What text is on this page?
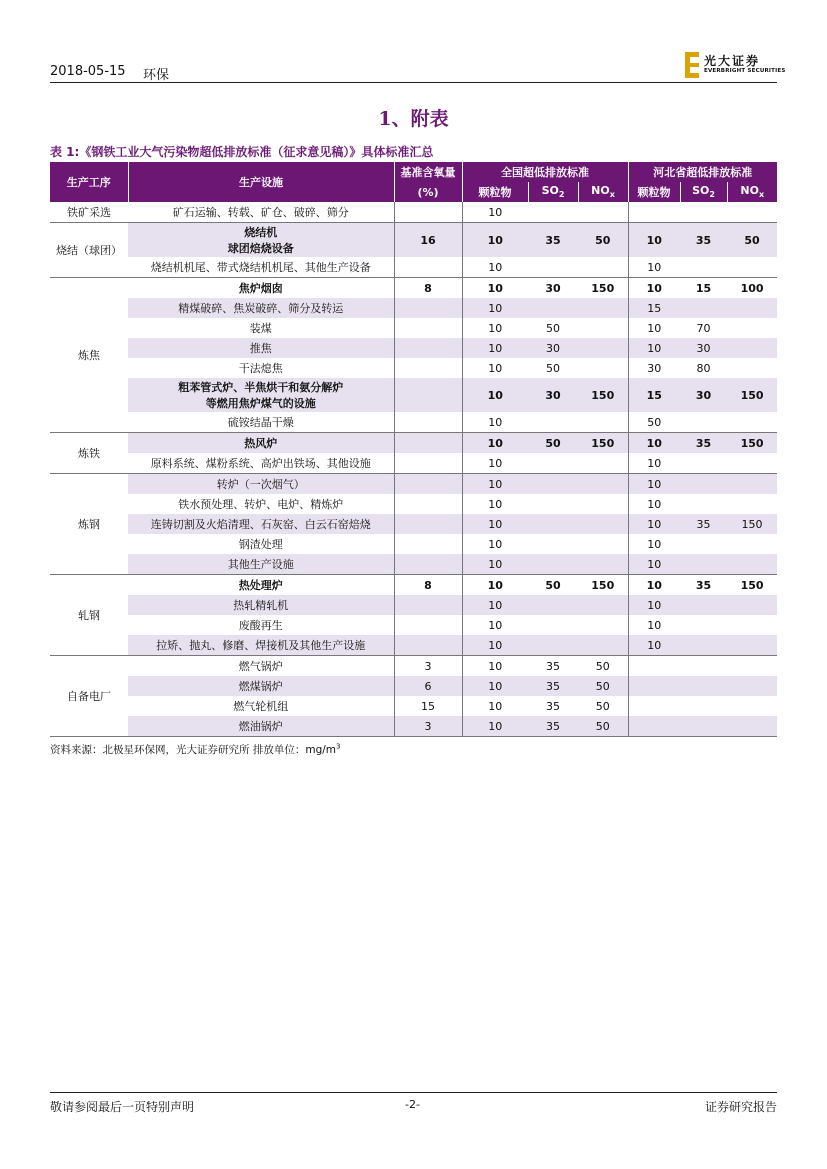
2018-05-15 环保
光大证券
EVERBRIGHT SECURITIES
1、附表
表 1:《钢铁工业大气污染物超低排放标准（征求意见稿）》具体标准汇总
生产工序	生产设施	基准含氧量	全国超低排放标准			河北省超低排放标准		
		(%)	颗粒物	$SO_2$	$NO_x$	颗粒物	$SO_2$	$NO_x$
铁矿采选	矿石运输、转载、矿仓、破碎、筛分		10					
烧结（球团）	烧结机
球团焙烧设备	16	10	35	50	10	35	50

	烧结机机尾、带式烧结机机尾、其他生产设备		10			10		
炼焦	焦炉烟囱	8	10	30	150	10	15	100

	精煤破碎、焦炭破碎、筛分及转运		10			15		

	装煤		10	50		10	70	

	推焦		10	30		10	30	

	干法熄焦		10	50		30	80	

	粗苯管式炉、半焦烘干和氨分解炉
等燃用焦炉煤气的设施		10	30	150	15	30	150

	硫铵结晶干燥		10			50		
炼铁	热风炉		10	50	150	10	35	150

	原料系统、煤粉系统、高炉出铁场、其他设施		10			10		
炼钢	转炉（一次烟气）		10			10		

	铁水预处理、转炉、电炉、精炼炉		10			10		

	连铸切割及火焰清理、石灰窑、白云石窑焙烧		10			10	35	150

	钢渣处理		10			10		

	其他生产设施		10			10		
轧钢	热处理炉	8	10	50	150	10	35	150

	热轧精轧机		10			10		

	废酸再生		10			10		

	拉矫、抛丸、修磨、焊接机及其他生产设施		10			10		
自备电厂	燃气锅炉	3	10	35	50			

	燃煤锅炉	6	10	35	50			

	燃气轮机组	15	10	35	50			

	燃油锅炉	3	10	35	50			
资料来源：北极星环保网，光大证券研究所 排放单位：$mg/m^3$
敬请参阅最后一页特别声明	-2-	证券研究报告
